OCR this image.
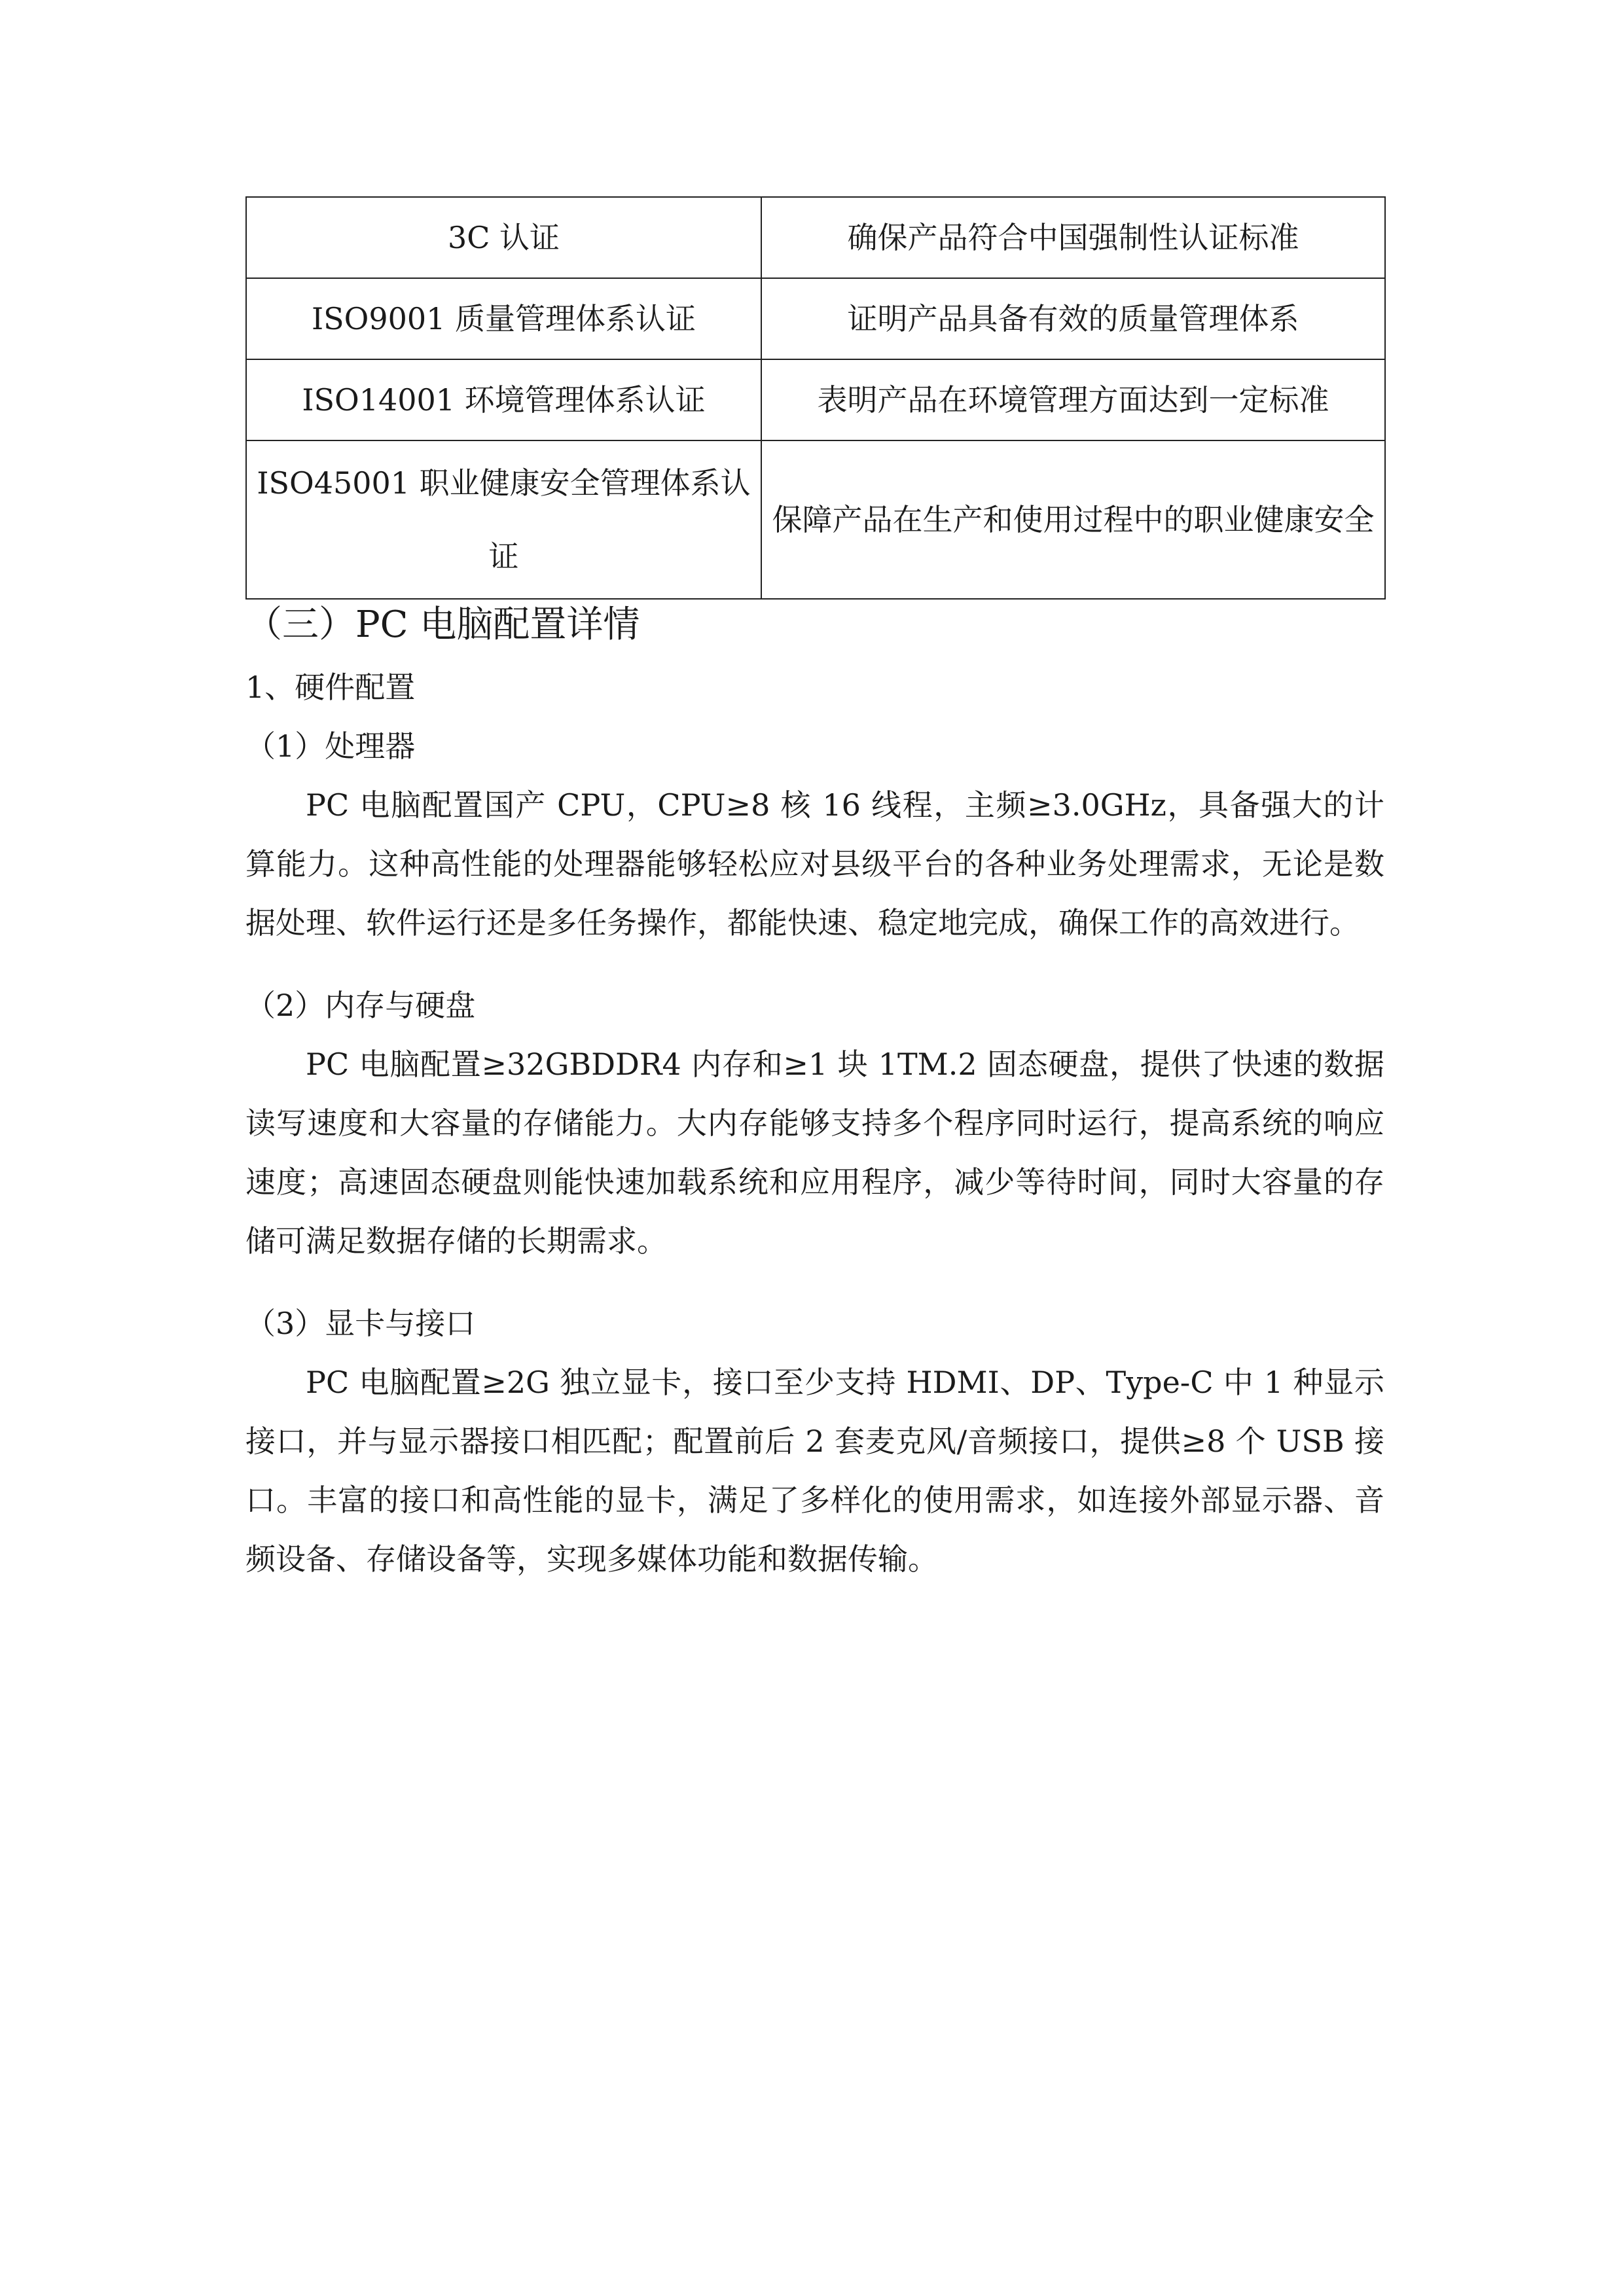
3C 认证	确保产品符合中国强制性认证标准
ISO9001 质量管理体系认证	证明产品具备有效的质量管理体系
ISO14001 环境管理体系认证	表明产品在环境管理方面达到一定标准
ISO45001 职业健康安全管理体系认证	保障产品在生产和使用过程中的职业健康安全
（三）PC 电脑配置详情
1、硬件配置
（1）处理器

PC 电脑配置国产 CPU，CPU≥8 核 16 线程，主频≥3.0GHz，具备强大的计算能力。这种高性能的处理器能够轻松应对县级平台的各种业务处理需求，无论是数据处理、软件运行还是多任务操作，都能快速、稳定地完成，确保工作的高效进行。

（2）内存与硬盘

PC 电脑配置≥32GBDDR4 内存和≥1 块 1TM.2 固态硬盘，提供了快速的数据读写速度和大容量的存储能力。大内存能够支持多个程序同时运行，提高系统的响应速度；高速固态硬盘则能快速加载系统和应用程序，减少等待时间，同时大容量的存储可满足数据存储的长期需求。

（3）显卡与接口

PC 电脑配置≥2G 独立显卡，接口至少支持 HDMI、DP、Type-C 中 1 种显示接口，并与显示器接口相匹配；配置前后 2 套麦克风/音频接口，提供≥8 个 USB 接口。丰富的接口和高性能的显卡，满足了多样化的使用需求，如连接外部显示器、音频设备、存储设备等，实现多媒体功能和数据传输。
